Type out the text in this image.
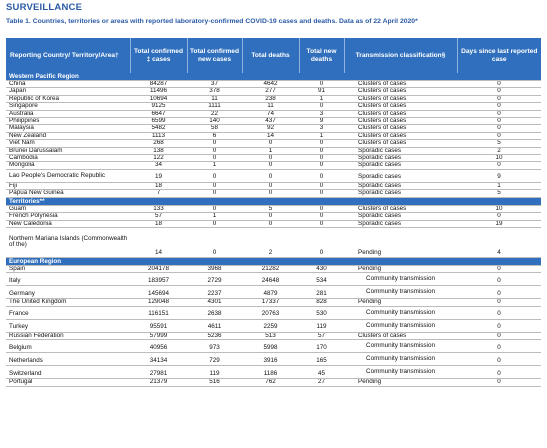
SURVEILLANCE
Table 1. Countries, territories or areas with reported laboratory-confirmed COVID-19 cases and deaths. Data as of 22 April 2020*
Reporting Country/ Territory/Area†	Total confirmed ‡ cases	Total confirmed new cases	Total deaths	Total new deaths	Transmission classification§	Days since last reported case
Western Pacific Region						
China	84287	37	4642	0	Clusters of cases	0
Japan	11496	378	277	91	Clusters of cases	0
Republic of Korea	10694	11	238	1	Clusters of cases	0
Singapore	9125	1111	11	0	Clusters of cases	0
Australia	6647	22	74	3	Clusters of cases	0
Philippines	6599	140	437	9	Clusters of cases	0
Malaysia	5482	58	92	3	Clusters of cases	0
New Zealand	1113	6	14	1	Clusters of cases	0
Viet Nam	268	0	0	0	Clusters of cases	5
Brunei Darussalam	138	0	1	0	Sporadic cases	2
Cambodia	122	0	0	0	Sporadic cases	10
Mongolia	34	1	0	0	Sporadic cases	0
Lao People's Democratic Republic	19	0	0	0	Sporadic cases	9
Fiji	18	0	0	0	Sporadic cases	1
Papua New Guinea	7	0	0	0	Sporadic cases	5
Territories**						
Guam	133	0	5	0	Clusters of cases	10
French Polynesia	57	1	0	0	Sporadic cases	0
New Caledonia	18	0	0	0	Sporadic cases	19
Northern Mariana Islands (Commonwealth of the)	14	0	2	0	Pending	4
European Region						
Spain	204178	3968	21282	430	Pending	0
Italy	183957	2729	24648	534	Community transmission	0
Germany	145694	2237	4879	281	Community transmission	0
The United Kingdom	129048	4301	17337	828	Pending	0
France	116151	2638	20763	530	Community transmission	0
Turkey	95591	4611	2259	119	Community transmission	0
Russian Federation	57999	5236	513	57	Clusters of cases	0
Belgium	40956	973	5998	170	Community transmission	0
Netherlands	34134	729	3916	165	Community transmission	0
Switzerland	27981	119	1186	45	Community transmission	0
Portugal	21379	516	762	27	Pending	0
